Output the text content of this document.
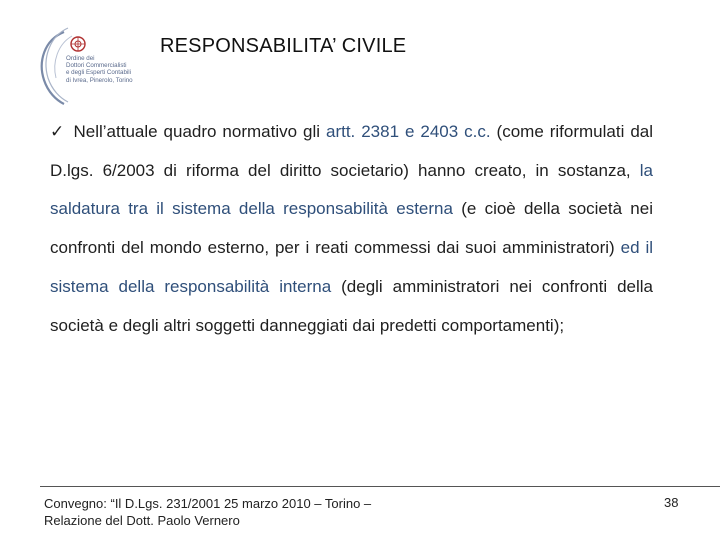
Ordine dei
Dottori Commercialisti
e degli Esperti Contabili
di Ivrea, Pinerolo, Torino
RESPONSABILITA’ CIVILE
✓ Nell’attuale quadro normativo gli artt. 2381 e 2403 c.c. (come riformulati dal D.lgs. 6/2003 di riforma del diritto societario) hanno creato, in sostanza, la saldatura tra il sistema della responsabilità esterna (e cioè della società nei confronti del mondo esterno, per i reati commessi dai suoi amministratori) ed il sistema della responsabilità interna (degli amministratori nei confronti della società e degli altri soggetti danneggiati dai predetti comportamenti);
Convegno: “Il D.Lgs. 231/2001 25 marzo 2010 – Torino –
Relazione del Dott. Paolo Vernero
38
